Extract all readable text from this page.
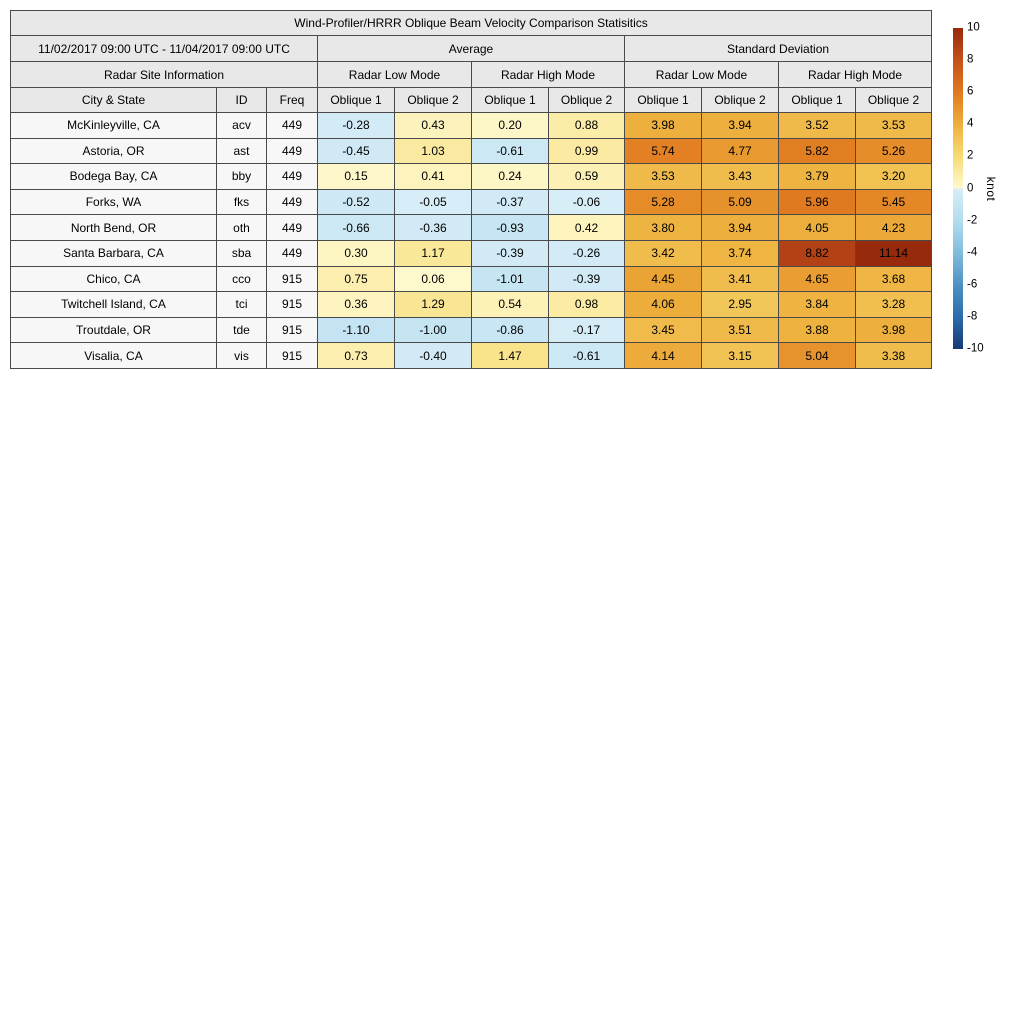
Wind-Profiler/HRRR Oblique Beam Velocity Comparison Statisitics										
11/02/2017 09:00 UTC - 11/04/2017 09:00 UTC			Average				Standard Deviation			
Radar Site Information			Radar Low Mode		Radar High Mode		Radar Low Mode		Radar High Mode	
City & State	ID	Freq	Oblique 1	Oblique 2	Oblique 1	Oblique 2	Oblique 1	Oblique 2	Oblique 1	Oblique 2
McKinleyville, CA	acv	449	-0.28	0.43	0.20	0.88	3.98	3.94	3.52	3.53
Astoria, OR	ast	449	-0.45	1.03	-0.61	0.99	5.74	4.77	5.82	5.26
Bodega Bay, CA	bby	449	0.15	0.41	0.24	0.59	3.53	3.43	3.79	3.20
Forks, WA	fks	449	-0.52	-0.05	-0.37	-0.06	5.28	5.09	5.96	5.45
North Bend, OR	oth	449	-0.66	-0.36	-0.93	0.42	3.80	3.94	4.05	4.23
Santa Barbara, CA	sba	449	0.30	1.17	-0.39	-0.26	3.42	3.74	8.82	11.14
Chico, CA	cco	915	0.75	0.06	-1.01	-0.39	4.45	3.41	4.65	3.68
Twitchell Island, CA	tci	915	0.36	1.29	0.54	0.98	4.06	2.95	3.84	3.28
Troutdale, OR	tde	915	-1.10	-1.00	-0.86	-0.17	3.45	3.51	3.88	3.98
Visalia, CA	vis	915	0.73	-0.40	1.47	-0.61	4.14	3.15	5.04	3.38
10
8
6
4
2
0
-2
-4
-6
-8
-10
knot
